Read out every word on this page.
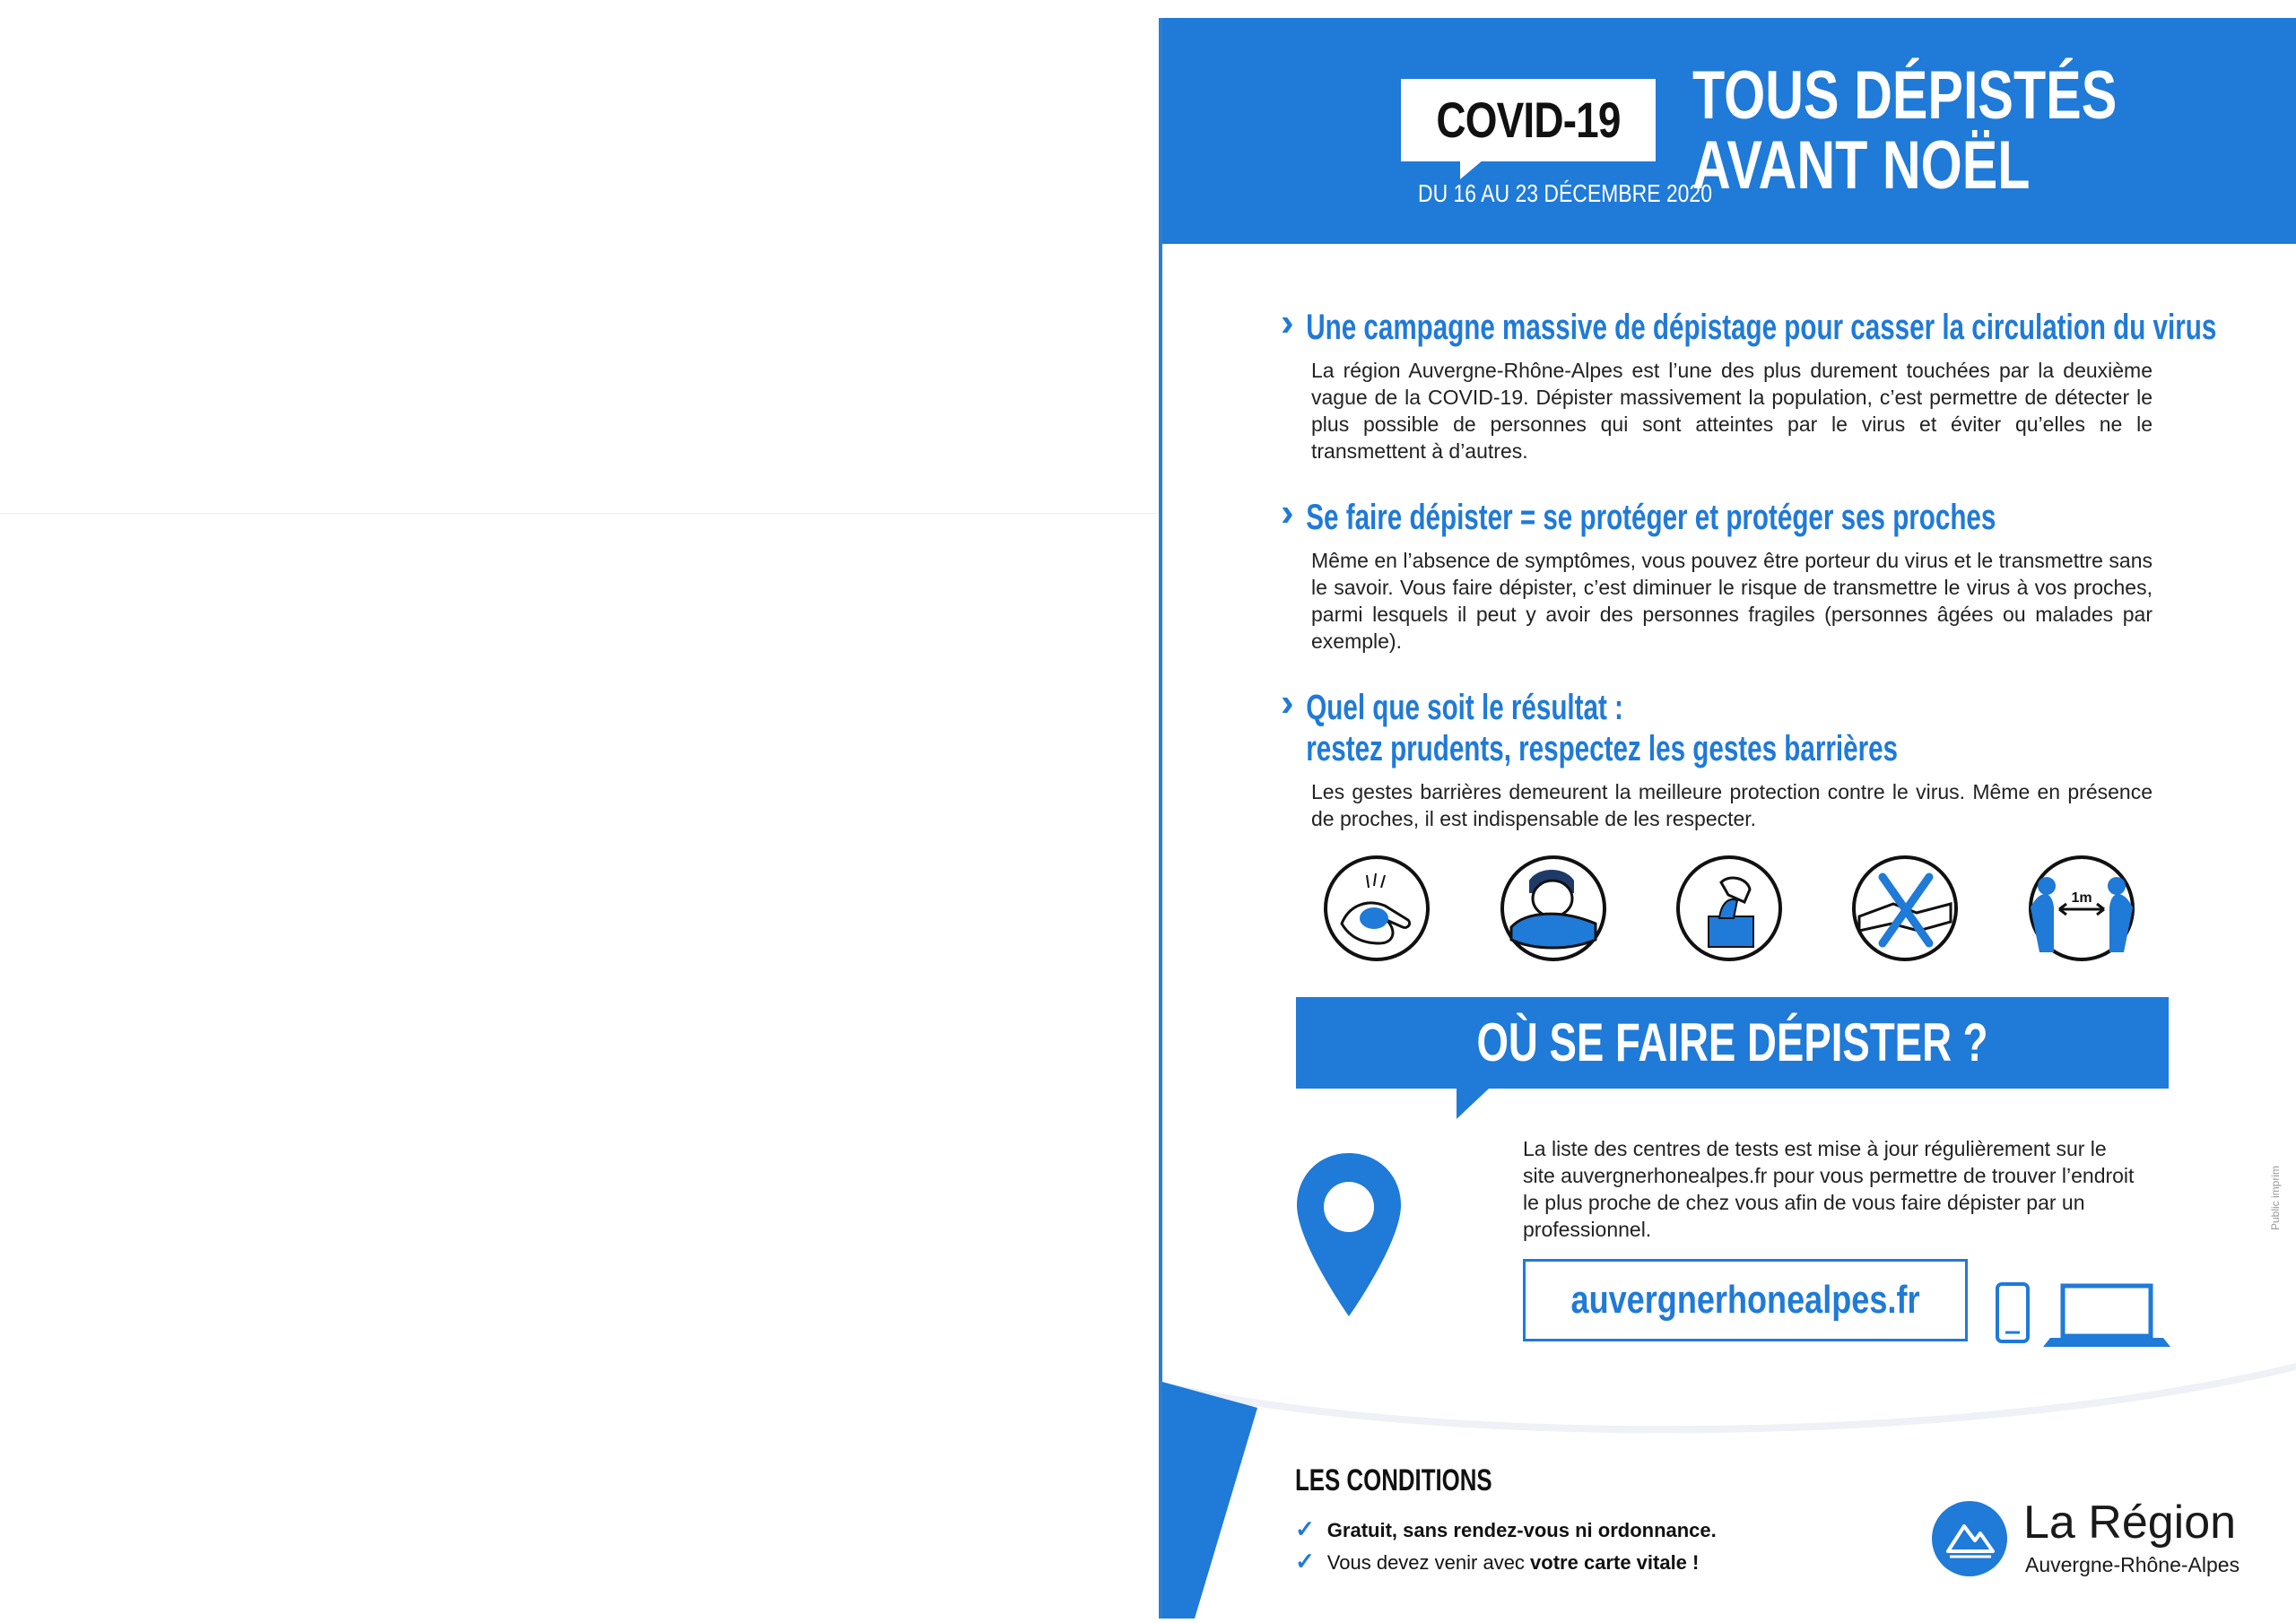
COVID-19
DU 16 AU 23 DÉCEMBRE 2020
TOUS DÉPISTÉS
AVANT NOËL
› Une campagne massive de dépistage pour casser la circulation du virus
La région Auvergne-Rhône-Alpes est l’une des plus durement touchées par la deuxième vague de la COVID-19. Dépister massivement la population, c’est permettre de détecter le plus possible de personnes qui sont atteintes par le virus et éviter qu’elles ne le transmettent à d’autres.
› Se faire dépister = se protéger et protéger ses proches
Même en l’absence de symptômes, vous pouvez être porteur du virus et le transmettre sans le savoir. Vous faire dépister, c’est diminuer le risque de transmettre le virus à vos proches, parmi lesquels il peut y avoir des personnes fragiles (personnes âgées ou malades par exemple).
› Quel que soit le résultat :
restez prudents, respectez les gestes barrières
Les gestes barrières demeurent la meilleure protection contre le virus. Même en présence de proches, il est indispensable de les respecter.
1m
OÙ SE FAIRE DÉPISTER ?
La liste des centres de tests est mise à jour régulièrement sur le site auvergnerhonealpes.fr pour vous permettre de trouver l’endroit le plus proche de chez vous afin de vous faire dépister par un professionnel.
auvergnerhonealpes.fr
LES CONDITIONS
✓ Gratuit, sans rendez-vous ni ordonnance.
✓ Vous devez venir avec votre carte vitale !
La Région
Auvergne-Rhône-Alpes
Public imprim
